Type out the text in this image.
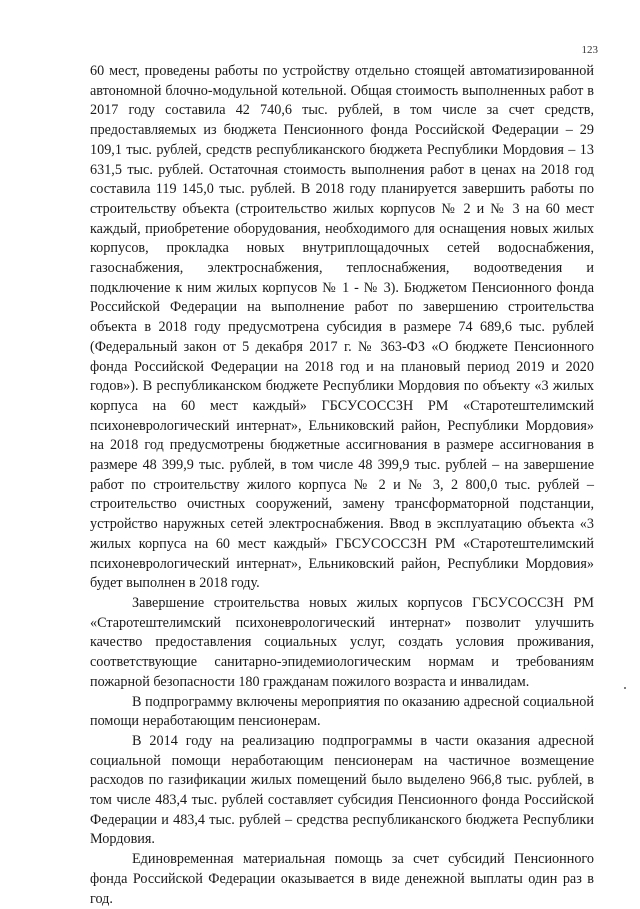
123

60 мест, проведены работы по устройству отдельно стоящей автоматизированной автономной блочно-модульной котельной. Общая стоимость выполненных работ в 2017 году составила 42 740,6 тыс. рублей, в том числе за счет средств, предоставляемых из бюджета Пенсионного фонда Российской Федерации – 29 109,1 тыс. рублей, средств республиканского бюджета Республики Мордовия – 13 631,5 тыс. рублей. Остаточная стоимость выполнения работ в ценах на 2018 год составила 119 145,0 тыс. рублей. В 2018 году планируется завершить работы по строительству объекта (строительство жилых корпусов № 2 и № 3 на 60 мест каждый, приобретение оборудования, необходимого для оснащения новых жилых корпусов, прокладка новых внутриплощадочных сетей водоснабжения, газоснабжения, электроснабжения, теплоснабжения, водоотведения и подключение к ним жилых корпусов № 1 - № 3). Бюджетом Пенсионного фонда Российской Федерации на выполнение работ по завершению строительства объекта в 2018 году предусмотрена субсидия в размере 74 689,6 тыс. рублей (Федеральный закон от 5 декабря 2017 г. № 363-ФЗ «О бюджете Пенсионного фонда Российской Федерации на 2018 год и на плановый период 2019 и 2020 годов»). В республиканском бюджете Республики Мордовия по объекту «3 жилых корпуса на 60 мест каждый» ГБСУСОССЗН РМ «Старотештелимский психоневрологический интернат», Ельниковский район, Республики Мордовия» на 2018 год предусмотрены бюджетные ассигнования в размере ассигнования в размере 48 399,9 тыс. рублей, в том числе 48 399,9 тыс. рублей – на завершение работ по строительству жилого корпуса № 2 и № 3, 2 800,0 тыс. рублей – строительство очистных сооружений, замену трансформаторной подстанции, устройство наружных сетей электроснабжения. Ввод в эксплуатацию объекта «3 жилых корпуса на 60 мест каждый» ГБСУСОССЗН РМ «Старотештелимский психоневрологический интернат», Ельниковский район, Республики Мордовия» будет выполнен в 2018 году.

Завершение строительства новых жилых корпусов ГБСУСОССЗН РМ «Старотештелимский психоневрологический интернат» позволит улучшить качество предоставления социальных услуг, создать условия проживания, соответствующие санитарно-эпидемиологическим нормам и требованиям пожарной безопасности 180 гражданам пожилого возраста и инвалидам.

В подпрограмму включены мероприятия по оказанию адресной социальной помощи неработающим пенсионерам.

В 2014 году на реализацию подпрограммы в части оказания адресной социальной помощи неработающим пенсионерам на частичное возмещение расходов по газификации жилых помещений было выделено 966,8 тыс. рублей, в том числе 483,4 тыс. рублей составляет субсидия Пенсионного фонда Российской Федерации и 483,4 тыс. рублей – средства республиканского бюджета Республики Мордовия.

Единовременная материальная помощь за счет субсидий Пенсионного фонда Российской Федерации оказывается в виде денежной выплаты один раз в год.
